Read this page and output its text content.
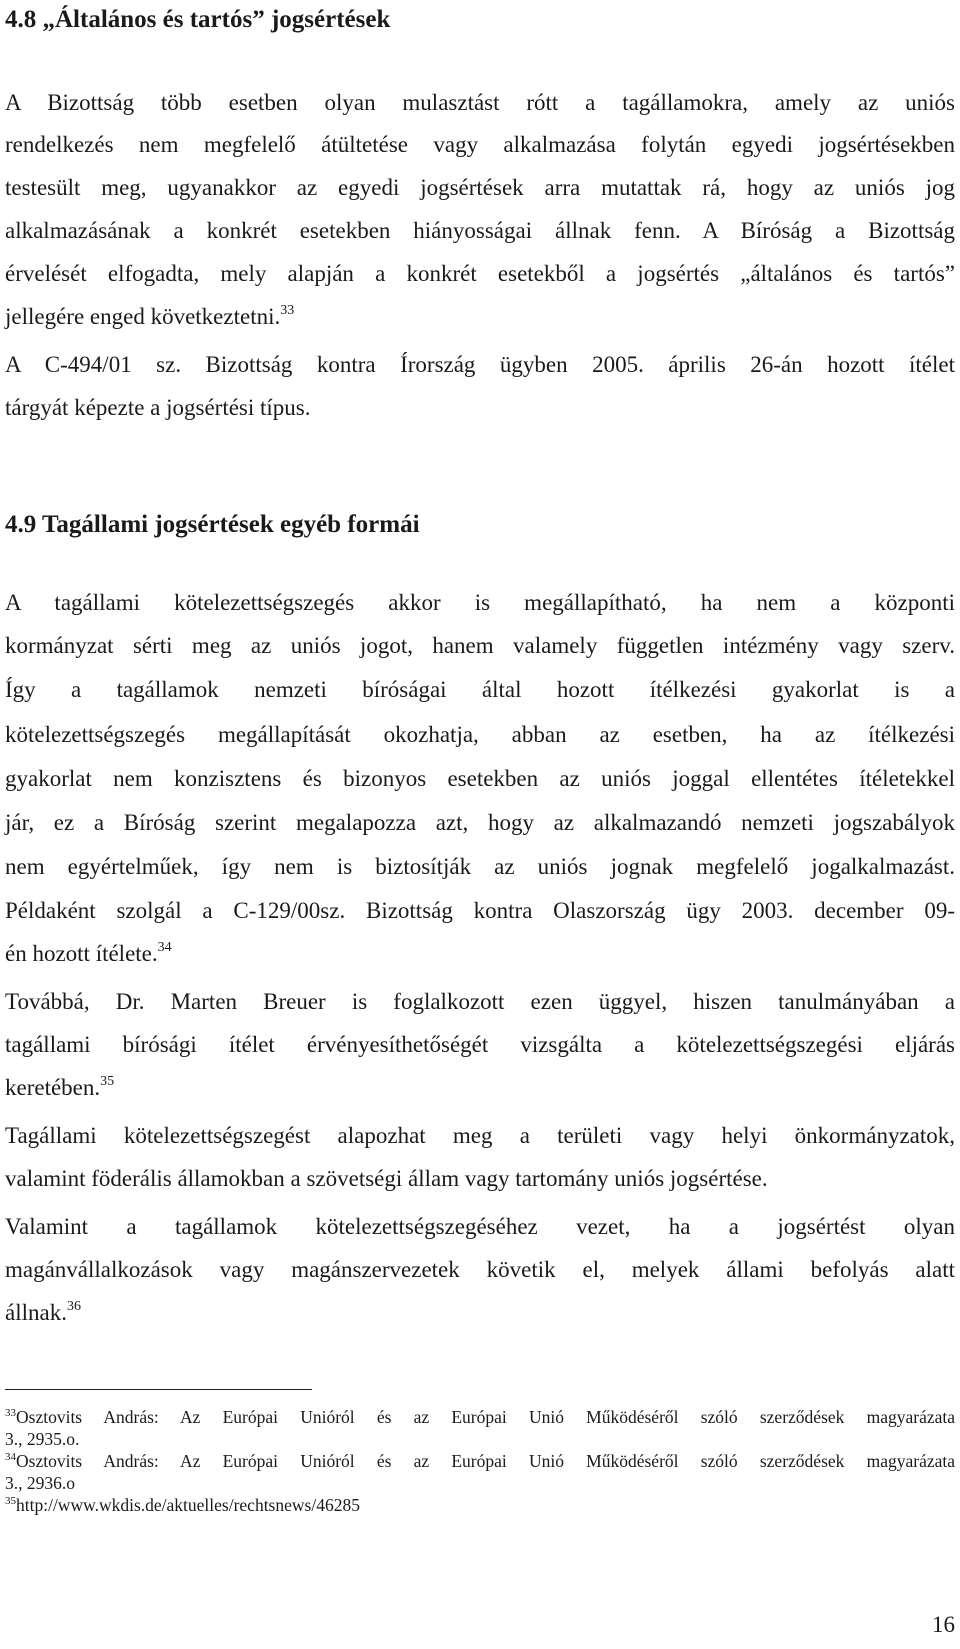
4.8 „Általános és tartós” jogsértések
A Bizottság több esetben olyan mulasztást rótt a tagállamokra, amely az uniós
rendelkezés nem megfelelő átültetése vagy alkalmazása folytán egyedi jogsértésekben
testesült meg, ugyanakkor az egyedi jogsértések arra mutattak rá, hogy az uniós jog
alkalmazásának a konkrét esetekben hiányosságai állnak fenn. A Bíróság a Bizottság
érvelését elfogadta, mely alapján a konkrét esetekből a jogsértés „általános és tartós”
jellegére enged következtetni.$^{33}$
A C-494/01 sz. Bizottság kontra Írország ügyben 2005. április 26-án hozott ítélet
tárgyát képezte a jogsértési típus.
4.9 Tagállami jogsértések egyéb formái
A tagállami kötelezettségszegés akkor is megállapítható, ha nem a központi
kormányzat sérti meg az uniós jogot, hanem valamely független intézmény vagy szerv.
Így a tagállamok nemzeti bíróságai által hozott ítélkezési gyakorlat is a
kötelezettségszegés megállapítását okozhatja, abban az esetben, ha az ítélkezési
gyakorlat nem konzisztens és bizonyos esetekben az uniós joggal ellentétes ítéletekkel
jár, ez a Bíróság szerint megalapozza azt, hogy az alkalmazandó nemzeti jogszabályok
nem egyértelműek, így nem is biztosítják az uniós jognak megfelelő jogalkalmazást.
Példaként szolgál a C-129/00sz. Bizottság kontra Olaszország ügy 2003. december 09-
én hozott ítélete.$^{34}$
Továbbá, Dr. Marten Breuer is foglalkozott ezen üggyel, hiszen tanulmányában a
tagállami bírósági ítélet érvényesíthetőségét vizsgálta a kötelezettségszegési eljárás
keretében.$^{35}$
Tagállami kötelezettségszegést alapozhat meg a területi vagy helyi önkormányzatok,
valamint föderális államokban a szövetségi állam vagy tartomány uniós jogsértése.
Valamint a tagállamok kötelezettségszegéséhez vezet, ha a jogsértést olyan
magánvállalkozások vagy magánszervezetek követik el, melyek állami befolyás alatt
állnak.$^{36}$
$^{33}$Osztovits András: Az Európai Unióról és az Európai Unió Működéséről szóló szerződések magyarázata
3., 2935.o.
$^{34}$Osztovits András: Az Európai Unióról és az Európai Unió Működéséről szóló szerződések magyarázata
3., 2936.o
$^{35}$http://www.wkdis.de/aktuelles/rechtsnews/46285
16
